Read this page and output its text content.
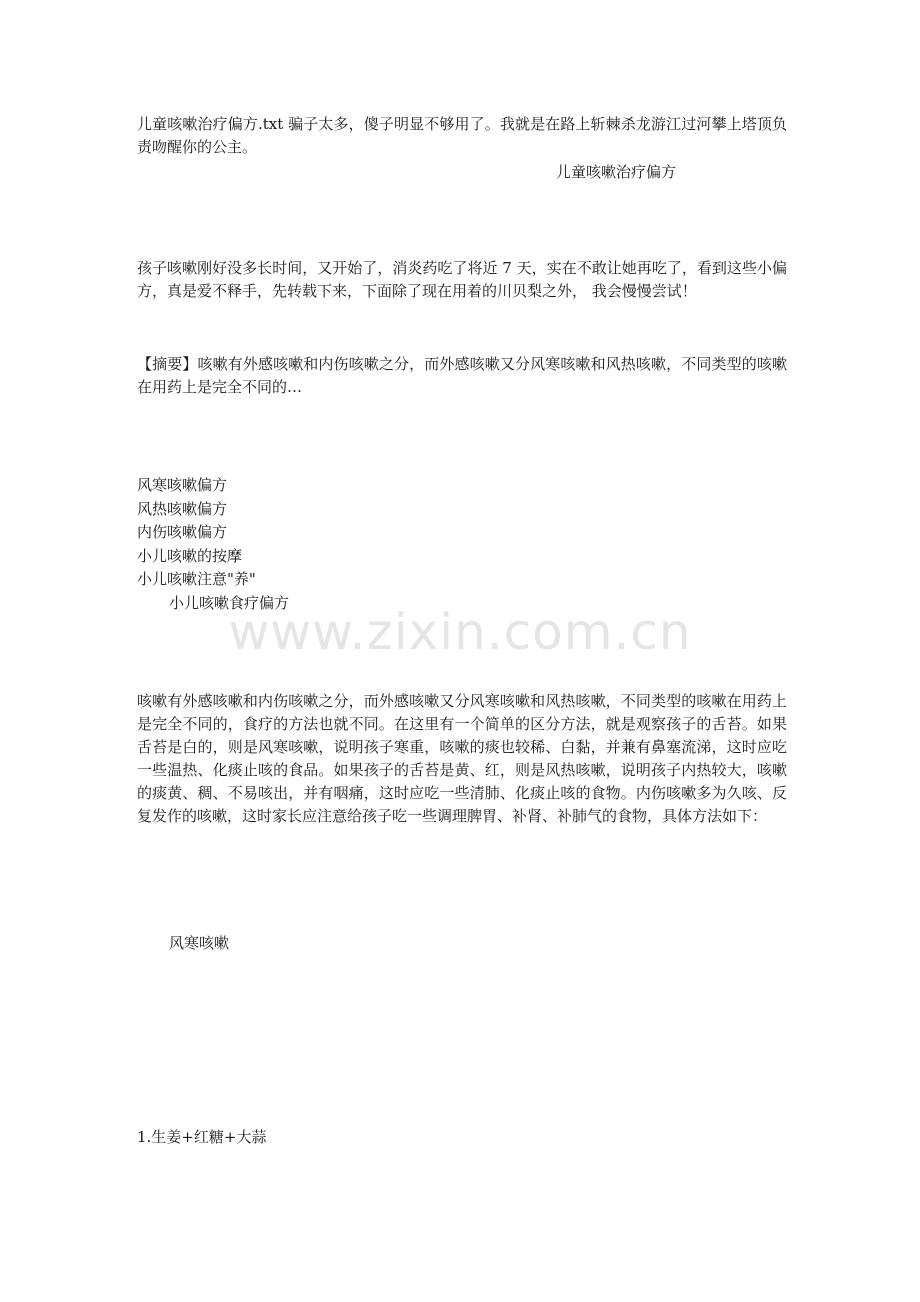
儿童咳嗽治疗偏方.txt 骗子太多，傻子明显不够用了。我就是在路上斩棘杀龙游江过河攀上塔顶负责吻醒你的公主。

儿童咳嗽治疗偏方

孩子咳嗽刚好没多长时间，又开始了，消炎药吃了将近 7 天，实在不敢让她再吃了，看到这些小偏方，真是爱不释手，先转载下来，下面除了现在用着的川贝梨之外， 我会慢慢尝试！

【摘要】咳嗽有外感咳嗽和内伤咳嗽之分，而外感咳嗽又分风寒咳嗽和风热咳嗽，不同类型的咳嗽在用药上是完全不同的…

风寒咳嗽偏方
风热咳嗽偏方
内伤咳嗽偏方
小儿咳嗽的按摩
小儿咳嗽注意"养"
小儿咳嗽食疗偏方
www.zixin.com.cn

咳嗽有外感咳嗽和内伤咳嗽之分，而外感咳嗽又分风寒咳嗽和风热咳嗽，不同类型的咳嗽在用药上是完全不同的，食疗的方法也就不同。在这里有一个简单的区分方法，就是观察孩子的舌苔。如果舌苔是白的，则是风寒咳嗽，说明孩子寒重，咳嗽的痰也较稀、白黏，并兼有鼻塞流涕，这时应吃一些温热、化痰止咳的食品。如果孩子的舌苔是黄、红，则是风热咳嗽，说明孩子内热较大，咳嗽的痰黄、稠、不易咳出，并有咽痛，这时应吃一些清肺、化痰止咳的食物。内伤咳嗽多为久咳、反复发作的咳嗽，这时家长应注意给孩子吃一些调理脾胃、补肾、补肺气的食物，具体方法如下：

风寒咳嗽

1.生姜+红糖+大蒜
